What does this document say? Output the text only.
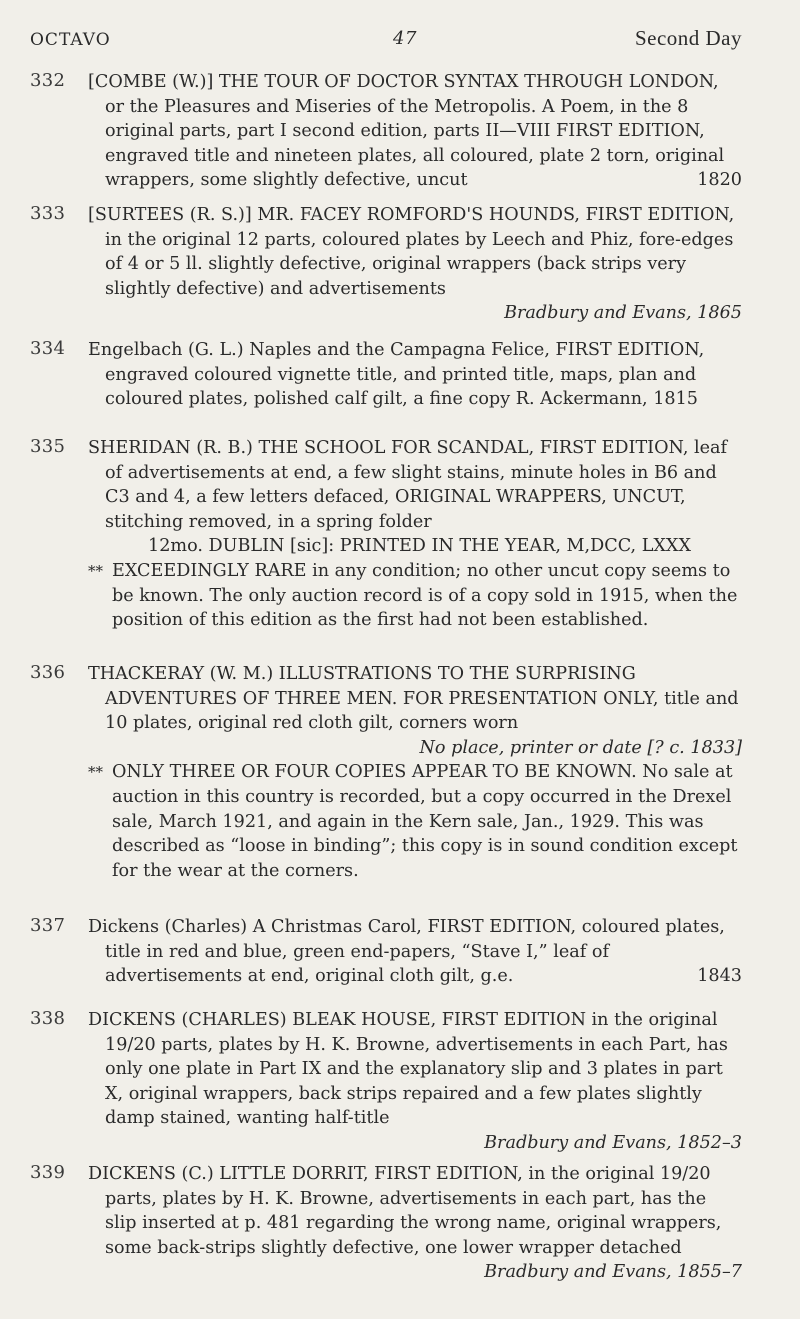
OCTAVO	47	Second Day
332	[COMBE (W.)] THE TOUR OF DOCTOR SYNTAX THROUGH LONDON, or the Pleasures and Miseries of the Metropolis. A Poem, in the 8 original parts, part I second edition, parts II—VIII FIRST EDITION, engraved title and nineteen plates, all coloured, plate 2 torn, original wrappers, some slightly defective, uncut	1820

333	[SURTEES (R. S.)] MR. FACEY ROMFORD'S HOUNDS, FIRST EDITION, in the original 12 parts, coloured plates by Leech and Phiz, fore-edges of 4 or 5 ll. slightly defective, original wrappers (back strips very slightly defective) and advertisements

Bradbury and Evans, 1865
334	Engelbach (G. L.) Naples and the Campagna Felice, FIRST EDITION, engraved coloured vignette title, and printed title, maps, plan and coloured plates, polished calf gilt, a fine copy R. Ackermann, 1815

335	SHERIDAN (R. B.) THE SCHOOL FOR SCANDAL, FIRST EDITION, leaf of advertisements at end, a few slight stains, minute holes in B6 and C3 and 4, a few letters defaced, ORIGINAL WRAPPERS, UNCUT, stitching removed, in a spring folder

12mo. DUBLIN [sic]: PRINTED IN THE YEAR, M,DCC, LXXX
** EXCEEDINGLY RARE in any condition; no other uncut copy seems to be known. The only auction record is of a copy sold in 1915, when the position of this edition as the first had not been established.
336	THACKERAY (W. M.) ILLUSTRATIONS TO THE SURPRISING ADVENTURES OF THREE MEN. FOR PRESENTATION ONLY, title and 10 plates, original red cloth gilt, corners worn

No place, printer or date [? c. 1833]
** ONLY THREE OR FOUR COPIES APPEAR TO BE KNOWN. No sale at auction in this country is recorded, but a copy occurred in the Drexel sale, March 1921, and again in the Kern sale, Jan., 1929. This was described as “loose in binding”; this copy is in sound condition except for the wear at the corners.
337	Dickens (Charles) A Christmas Carol, FIRST EDITION, coloured plates, title in red and blue, green end-papers, “Stave I,” leaf of advertisements at end, original cloth gilt, g.e.	1843

338	DICKENS (CHARLES) BLEAK HOUSE, FIRST EDITION in the original 19/20 parts, plates by H. K. Browne, advertisements in each Part, has only one plate in Part IX and the explanatory slip and 3 plates in part X, original wrappers, back strips repaired and a few plates slightly damp stained, wanting half-title

Bradbury and Evans, 1852–3
339	DICKENS (C.) LITTLE DORRIT, FIRST EDITION, in the original 19/20 parts, plates by H. K. Browne, advertisements in each part, has the slip inserted at p. 481 regarding the wrong name, original wrappers, some back-strips slightly defective, one lower wrapper detached

Bradbury and Evans, 1855–7
